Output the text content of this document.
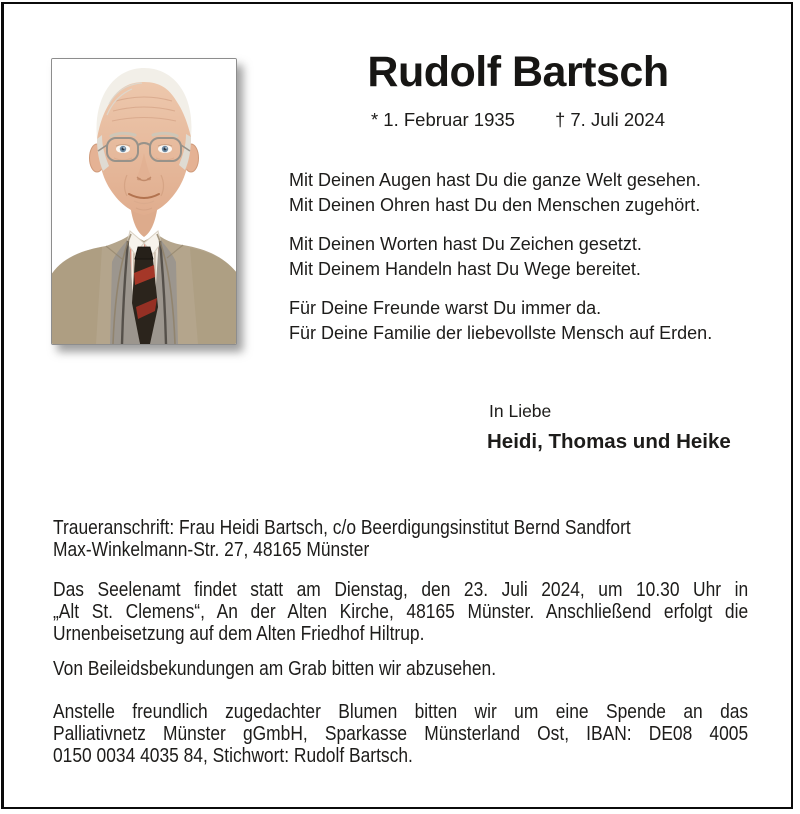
Rudolf Bartsch
* 1. Februar 1935 † 7. Juli 2024
Mit Deinen Augen hast Du die ganze Welt gesehen.
Mit Deinen Ohren hast Du den Menschen zugehört.
Mit Deinen Worten hast Du Zeichen gesetzt.
Mit Deinem Handeln hast Du Wege bereitet.
Für Deine Freunde warst Du immer da.
Für Deine Familie der liebevollste Mensch auf Erden.
In Liebe
Heidi, Thomas und Heike
Traueranschrift: Frau Heidi Bartsch, c/o Beerdigungsinstitut Bernd Sandfort
Max-Winkelmann-Str. 27, 48165 Münster
Das Seelenamt findet statt am Dienstag, den 23. Juli 2024, um 10.30 Uhr in
„Alt St. Clemens“, An der Alten Kirche, 48165 Münster. Anschließend erfolgt die
Urnenbeisetzung auf dem Alten Friedhof Hiltrup.
Von Beileidsbekundungen am Grab bitten wir abzusehen.
Anstelle freundlich zugedachter Blumen bitten wir um eine Spende an das
Palliativnetz Münster gGmbH, Sparkasse Münsterland Ost, IBAN: DE08 4005
0150 0034 4035 84, Stichwort: Rudolf Bartsch.
